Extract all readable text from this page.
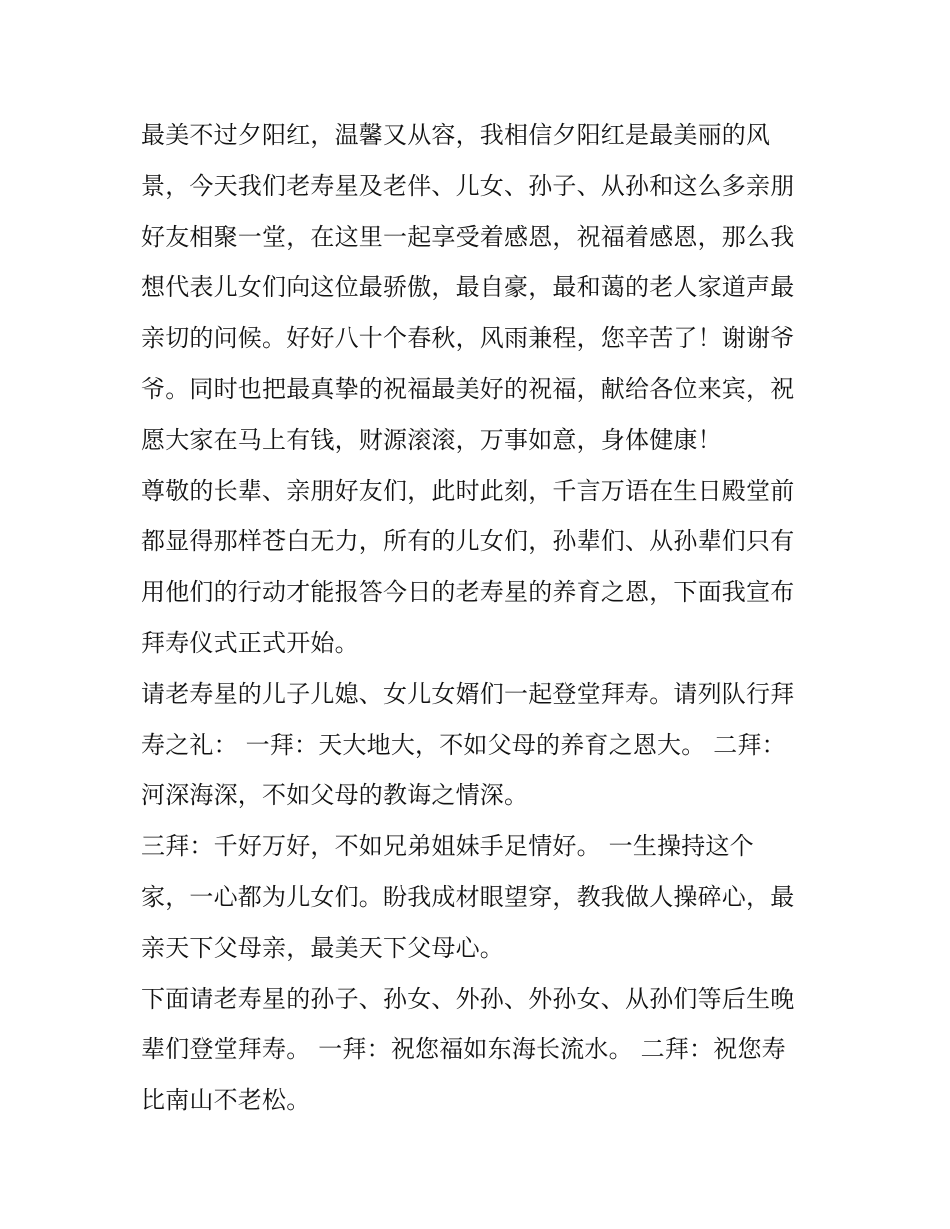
最美不过夕阳红，温馨又从容，我相信夕阳红是最美丽的风
景，今天我们老寿星及老伴、儿女、孙子、从孙和这么多亲朋
好友相聚一堂，在这里一起享受着感恩，祝福着感恩，那么我
想代表儿女们向这位最骄傲，最自豪，最和蔼的老人家道声最
亲切的问候。好好八十个春秋，风雨兼程，您辛苦了！谢谢爷
爷。同时也把最真挚的祝福最美好的祝福，献给各位来宾，祝
愿大家在马上有钱，财源滚滚，万事如意，身体健康！
尊敬的长辈、亲朋好友们，此时此刻，千言万语在生日殿堂前
都显得那样苍白无力，所有的儿女们，孙辈们、从孙辈们只有
用他们的行动才能报答今日的老寿星的养育之恩，下面我宣布
拜寿仪式正式开始。
请老寿星的儿子儿媳、女儿女婿们一起登堂拜寿。请列队行拜
寿之礼： 一拜：天大地大，不如父母的养育之恩大。 二拜：
河深海深，不如父母的教诲之情深。
三拜：千好万好，不如兄弟姐妹手足情好。 一生操持这个
家，一心都为儿女们。盼我成材眼望穿，教我做人操碎心，最
亲天下父母亲，最美天下父母心。
下面请老寿星的孙子、孙女、外孙、外孙女、从孙们等后生晚
辈们登堂拜寿。 一拜：祝您福如东海长流水。 二拜：祝您寿
比南山不老松。
